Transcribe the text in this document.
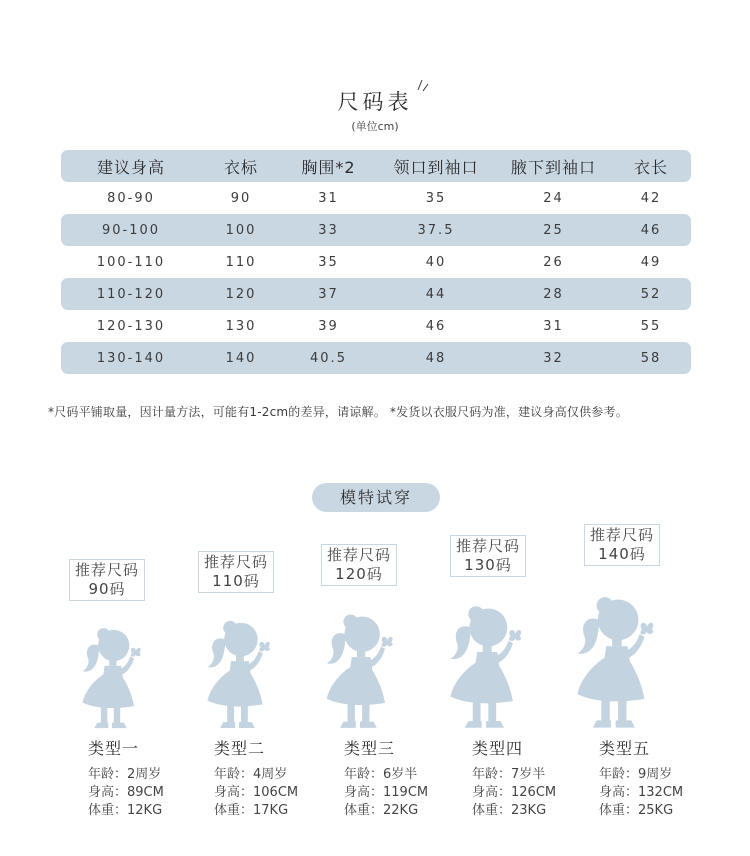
尺码表
(单位cm)
建议身高	衣标	胸围*2	领口到袖口	腋下到袖口	衣长
80-90	90	31	35	24	42
90-100	100	33	37.5	25	46
100-110	110	35	40	26	49
110-120	120	37	44	28	52
120-130	130	39	46	31	55
130-140	140	40.5	48	32	58
*尺码平铺取量，因计量方法，可能有1-2cm的差异，请谅解。 *发货以衣服尺码为准，建议身高仅供参考。
模特试穿
推荐尺码
90码
类型一
年龄：2周岁
身高：89CM
体重：12KG
推荐尺码
110码
类型二
年龄：4周岁
身高：106CM
体重：17KG
推荐尺码
120码
类型三
年龄：6岁半
身高：119CM
体重：22KG
推荐尺码
130码
类型四
年龄：7岁半
身高：126CM
体重：23KG
推荐尺码
140码
类型五
年龄：9周岁
身高：132CM
体重：25KG
